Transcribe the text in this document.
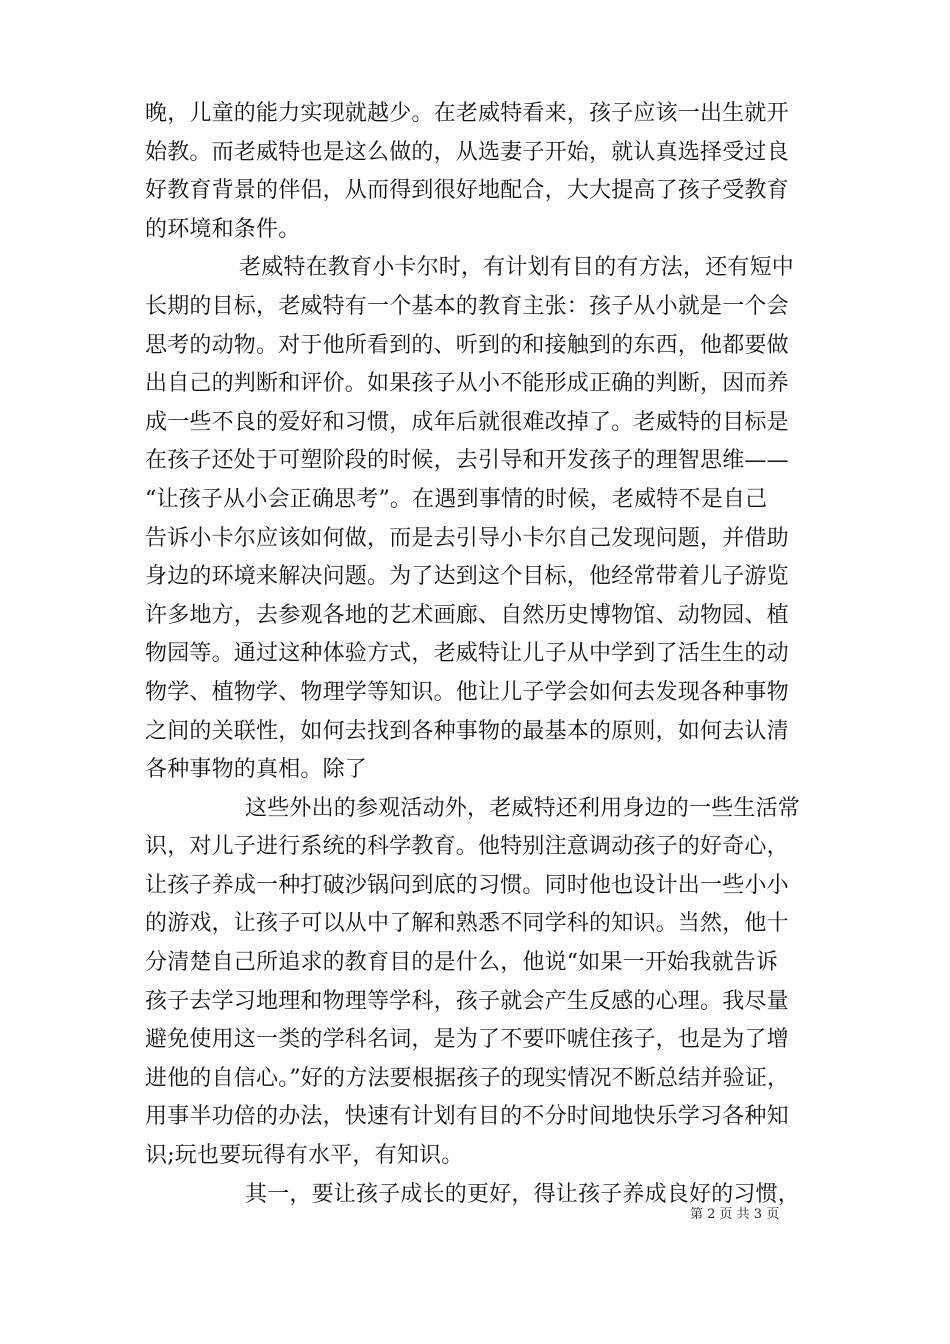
晚，儿童的能力实现就越少。在老威特看来，孩子应该一出生就开
始教。而老威特也是这么做的，从选妻子开始，就认真选择受过良
好教育背景的伴侣，从而得到很好地配合，大大提高了孩子受教育
的环境和条件。
老威特在教育小卡尔时，有计划有目的有方法，还有短中
长期的目标，老威特有一个基本的教育主张：孩子从小就是一个会
思考的动物。对于他所看到的、听到的和接触到的东西，他都要做
出自己的判断和评价。如果孩子从小不能形成正确的判断，因而养
成一些不良的爱好和习惯，成年后就很难改掉了。老威特的目标是
在孩子还处于可塑阶段的时候，去引导和开发孩子的理智思维——
“让孩子从小会正确思考”。在遇到事情的时候，老威特不是自己
告诉小卡尔应该如何做，而是去引导小卡尔自己发现问题，并借助
身边的环境来解决问题。为了达到这个目标，他经常带着儿子游览
许多地方，去参观各地的艺术画廊、自然历史博物馆、动物园、植
物园等。通过这种体验方式，老威特让儿子从中学到了活生生的动
物学、植物学、物理学等知识。他让儿子学会如何去发现各种事物
之间的关联性，如何去找到各种事物的最基本的原则，如何去认清
各种事物的真相。除了
这些外出的参观活动外，老威特还利用身边的一些生活常
识，对儿子进行系统的科学教育。他特别注意调动孩子的好奇心，
让孩子养成一种打破沙锅问到底的习惯。同时他也设计出一些小小
的游戏，让孩子可以从中了解和熟悉不同学科的知识。当然，他十
分清楚自己所追求的教育目的是什么，他说“如果一开始我就告诉
孩子去学习地理和物理等学科，孩子就会产生反感的心理。我尽量
避免使用这一类的学科名词，是为了不要吓唬住孩子，也是为了增
进他的自信心。”好的方法要根据孩子的现实情况不断总结并验证，
用事半功倍的办法，快速有计划有目的不分时间地快乐学习各种知
识;玩也要玩得有水平，有知识。
其一，要让孩子成长的更好，得让孩子养成良好的习惯，
第 2 页 共 3 页
